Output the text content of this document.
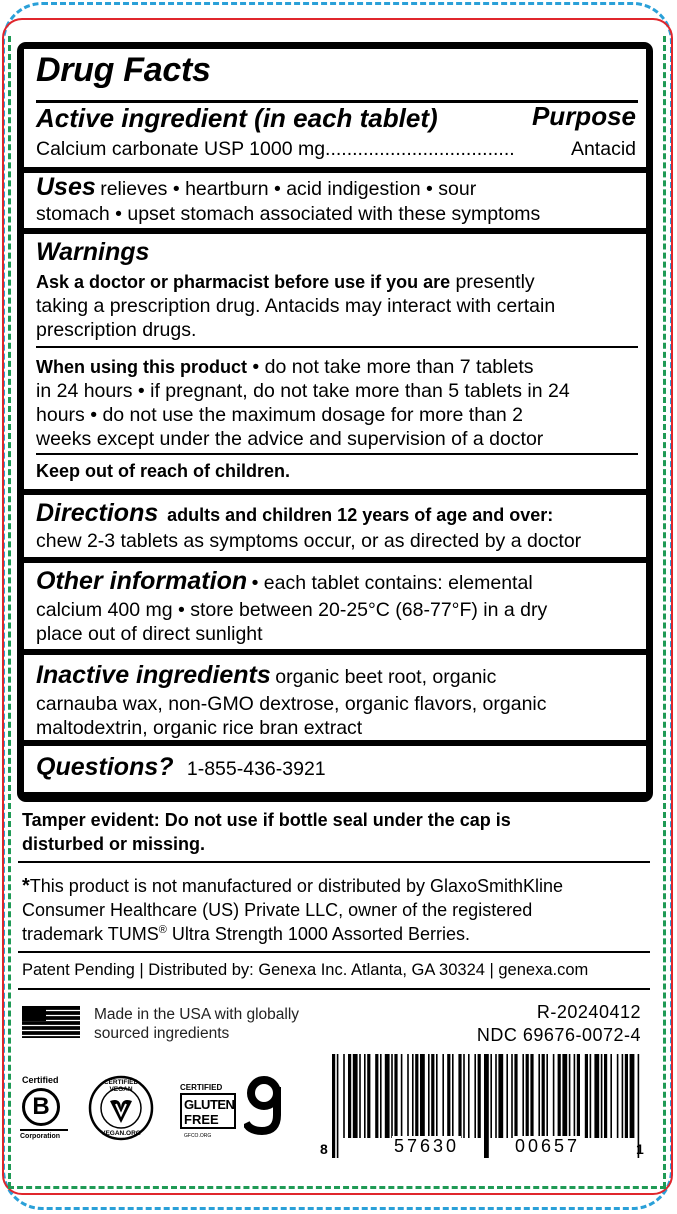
Drug Facts
Active ingredient (in each tablet)	Purpose
Calcium carbonate USP 1000 mg...................................	Antacid
Uses relieves • heartburn • acid indigestion • sour
stomach • upset stomach associated with these symptoms
Warnings
Ask a doctor or pharmacist before use if you are presently
taking a prescription drug. Antacids may interact with certain
prescription drugs.
When using this product • do not take more than 7 tablets
in 24 hours • if pregnant, do not take more than 5 tablets in 24
hours • do not use the maximum dosage for more than 2
weeks except under the advice and supervision of a doctor
Keep out of reach of children.
Directions adults and children 12 years of age and over:
chew 2-3 tablets as symptoms occur, or as directed by a doctor
Other information • each tablet contains: elemental
calcium 400 mg • store between 20-25°C (68-77°F) in a dry
place out of direct sunlight
Inactive ingredients organic beet root, organic
carnauba wax, non-GMO dextrose, organic flavors, organic
maltodextrin, organic rice bran extract
Questions? 1-855-436-3921
Tamper evident: Do not use if bottle seal under the cap is
disturbed or missing.
*This product is not manufactured or distributed by GlaxoSmithKline
Consumer Healthcare (US) Private LLC, owner of the registered
trademark TUMS® Ultra Strength 1000 Assorted Berries.
Patent Pending | Distributed by: Genexa Inc. Atlanta, GA 30324 | genexa.com
Made in the USA with globally
sourced ingredients
R-20240412
NDC 69676-0072-4
Certified
B
Corporation
CERTIFIED VEGAN
VEGAN.ORG
CERTIFIED
GLUTEN
FREE
GFCO.ORG
8	57630	00657	1
